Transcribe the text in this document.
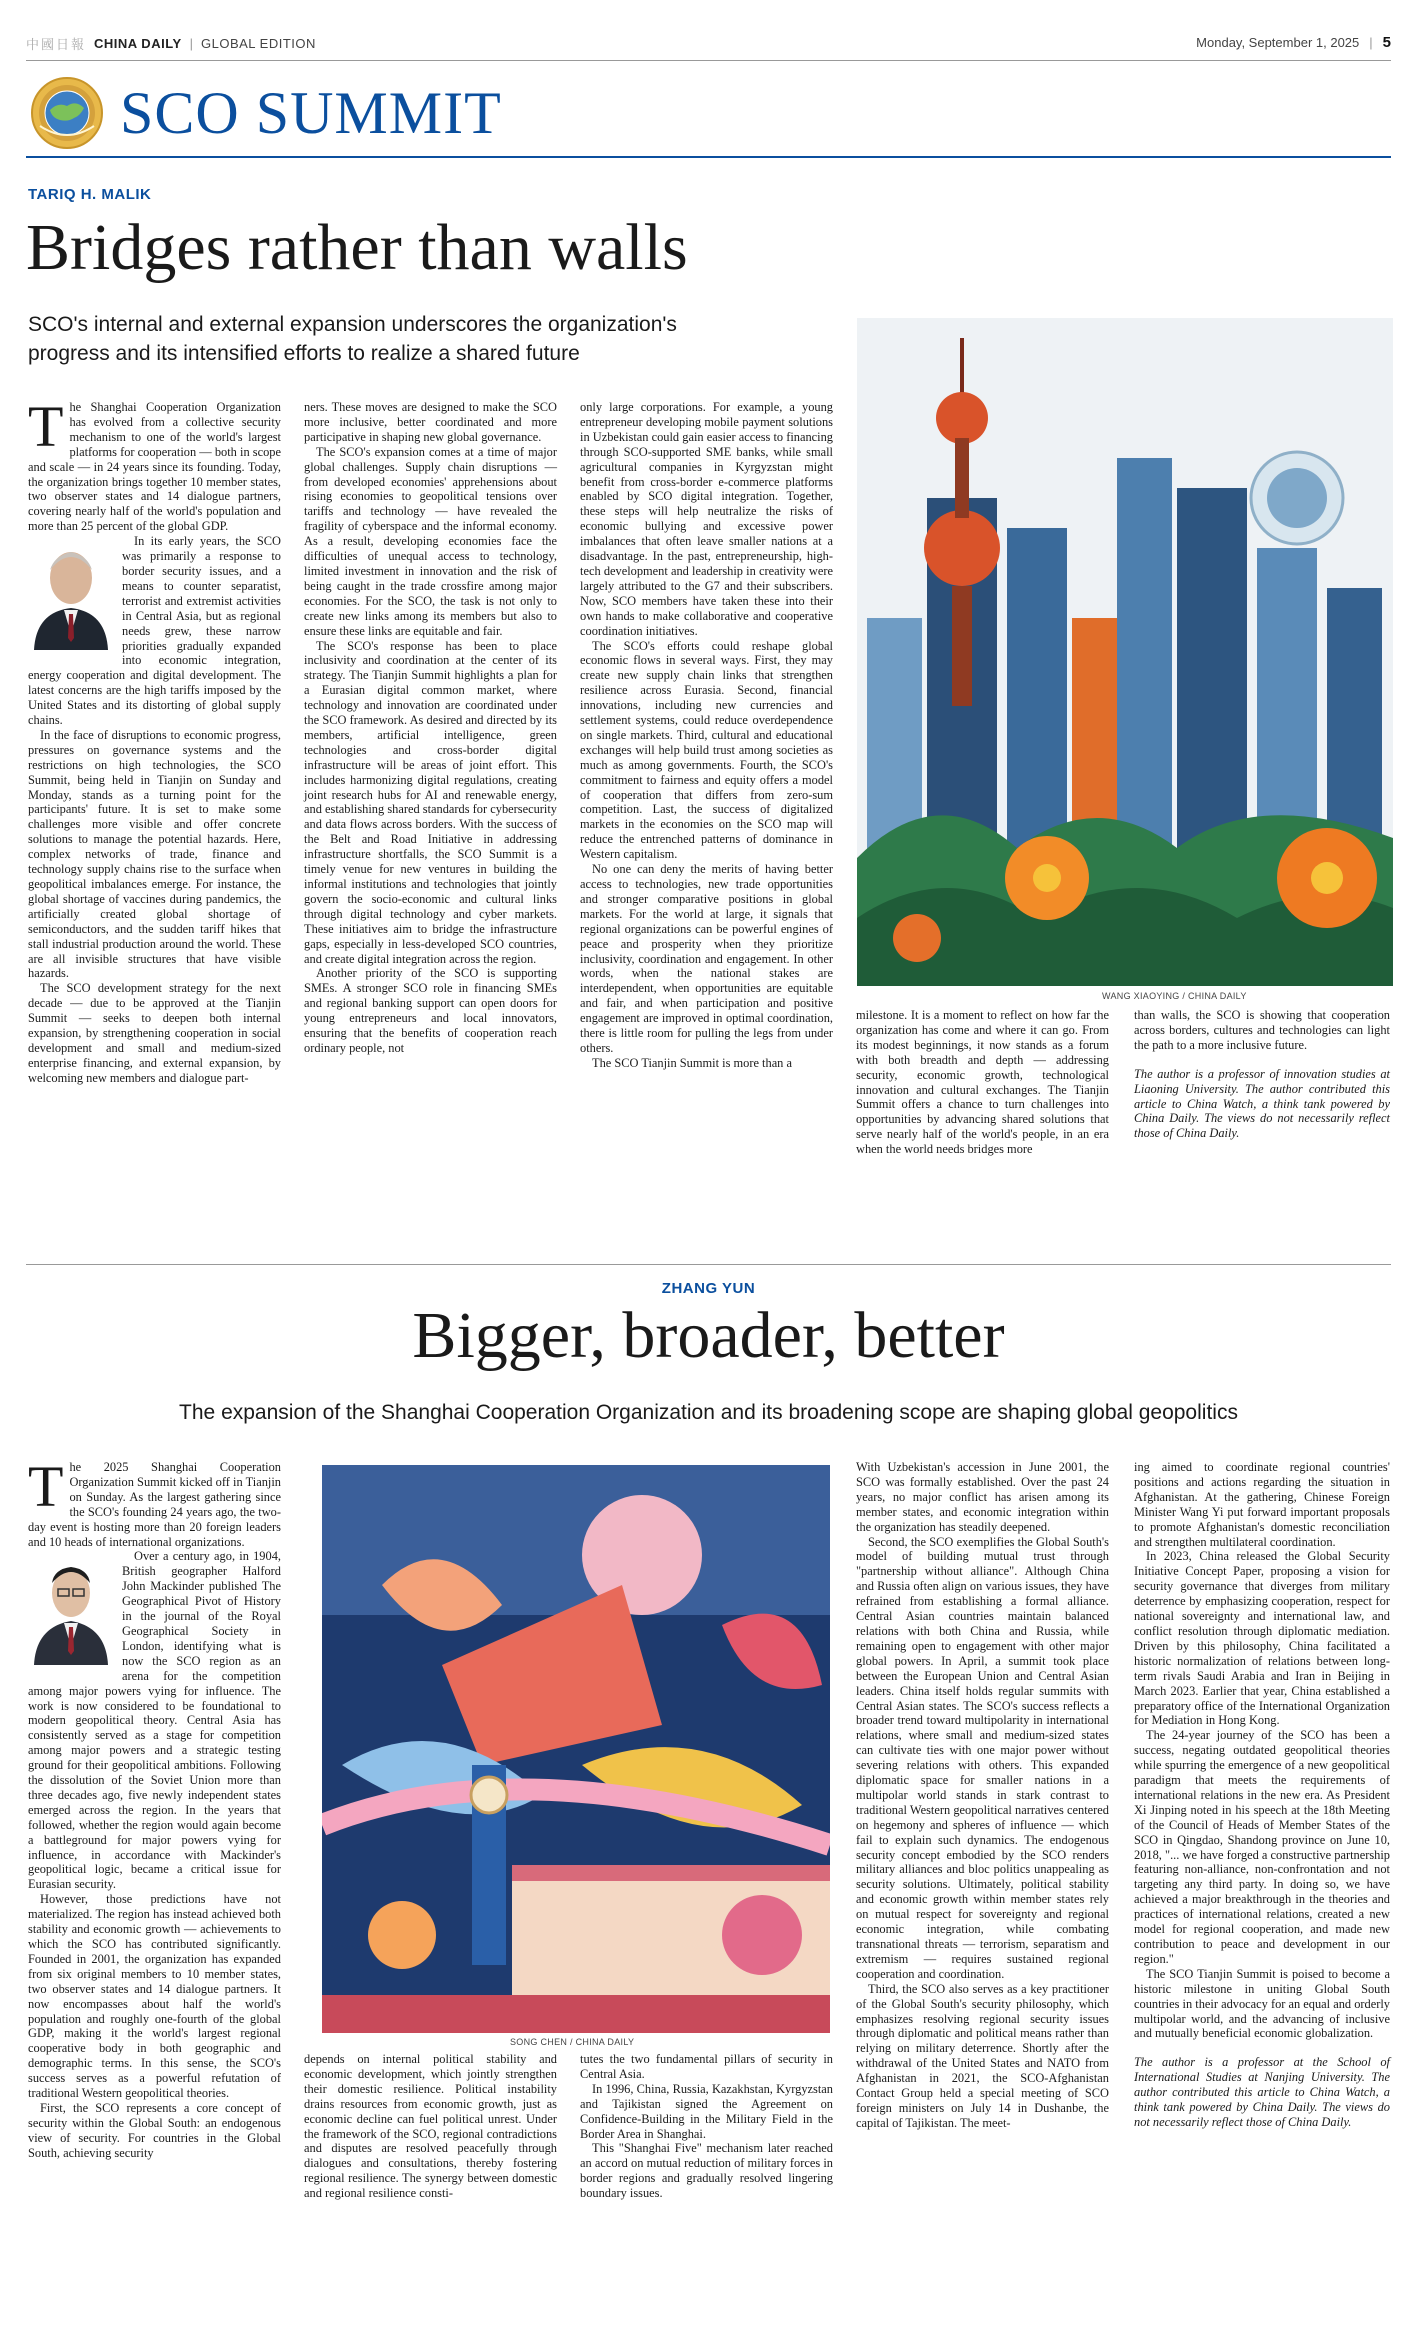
中國日報 CHINA DAILY | GLOBAL EDITION	Monday, September 1, 2025 | 5
SCO SUMMIT
TARIQ H. MALIK
Bridges rather than walls
SCO's internal and external expansion underscores the organization's
progress and its intensified efforts to realize a shared future

The Shanghai Cooperation Organization has evolved from a collective security mechanism to one of the world's largest platforms for cooperation — both in scope and scale — in 24 years since its founding. Today, the organization brings together 10 member states, two observer states and 14 dialogue partners, covering nearly half of the world's population and more than 25 percent of the global GDP.

In its early years, the SCO was primarily a response to border security issues, and a means to counter separatist, terrorist and extremist activities in Central Asia, but as regional needs grew, these narrow priorities gradually expanded into economic integration, energy cooperation and digital development. The latest concerns are the high tariffs imposed by the United States and its distorting of global supply chains.

In the face of disruptions to economic progress, pressures on governance systems and the restrictions on high technologies, the SCO Summit, being held in Tianjin on Sunday and Monday, stands as a turning point for the participants' future. It is set to make some challenges more visible and offer concrete solutions to manage the potential hazards. Here, complex networks of trade, finance and technology supply chains rise to the surface when geopolitical imbalances emerge. For instance, the global shortage of vaccines during pandemics, the artificially created global shortage of semiconductors, and the sudden tariff hikes that stall industrial production around the world. These are all invisible structures that have visible hazards.

The SCO development strategy for the next decade — due to be approved at the Tianjin Summit — seeks to deepen both internal expansion, by strengthening cooperation in social development and small and medium-sized enterprise financing, and external expansion, by welcoming new members and dialogue part-

ners. These moves are designed to make the SCO more inclusive, better coordinated and more participative in shaping new global governance.

The SCO's expansion comes at a time of major global challenges. Supply chain disruptions — from developed economies' apprehensions about rising economies to geopolitical tensions over tariffs and technology — have revealed the fragility of cyberspace and the informal economy. As a result, developing economies face the difficulties of unequal access to technology, limited investment in innovation and the risk of being caught in the trade crossfire among major economies. For the SCO, the task is not only to create new links among its members but also to ensure these links are equitable and fair.

The SCO's response has been to place inclusivity and coordination at the center of its strategy. The Tianjin Summit highlights a plan for a Eurasian digital common market, where technology and innovation are coordinated under the SCO framework. As desired and directed by its members, artificial intelligence, green technologies and cross-border digital infrastructure will be areas of joint effort. This includes harmonizing digital regulations, creating joint research hubs for AI and renewable energy, and establishing shared standards for cybersecurity and data flows across borders. With the success of the Belt and Road Initiative in addressing infrastructure shortfalls, the SCO Summit is a timely venue for new ventures in building the informal institutions and technologies that jointly govern the socio-economic and cultural links through digital technology and cyber markets. These initiatives aim to bridge the infrastructure gaps, especially in less-developed SCO countries, and create digital integration across the region.

Another priority of the SCO is supporting SMEs. A stronger SCO role in financing SMEs and regional banking support can open doors for young entrepreneurs and local innovators, ensuring that the benefits of cooperation reach ordinary people, not

only large corporations. For example, a young entrepreneur developing mobile payment solutions in Uzbekistan could gain easier access to financing through SCO-supported SME banks, while small agricultural companies in Kyrgyzstan might benefit from cross-border e-commerce platforms enabled by SCO digital integration. Together, these steps will help neutralize the risks of economic bullying and excessive power imbalances that often leave smaller nations at a disadvantage. In the past, entrepreneurship, high-tech development and leadership in creativity were largely attributed to the G7 and their subscribers. Now, SCO members have taken these into their own hands to make collaborative and cooperative coordination initiatives.

The SCO's efforts could reshape global economic flows in several ways. First, they may create new supply chain links that strengthen resilience across Eurasia. Second, financial innovations, including new currencies and settlement systems, could reduce overdependence on single markets. Third, cultural and educational exchanges will help build trust among societies as much as among governments. Fourth, the SCO's commitment to fairness and equity offers a model of cooperation that differs from zero-sum competition. Last, the success of digitalized markets in the economies on the SCO map will reduce the entrenched patterns of dominance in Western capitalism.

No one can deny the merits of having better access to technologies, new trade opportunities and stronger comparative positions in global markets. For the world at large, it signals that regional organizations can be powerful engines of peace and prosperity when they prioritize inclusivity, coordination and engagement. In other words, when the national stakes are interdependent, when opportunities are equitable and fair, and when participation and positive engagement are improved in optimal coordination, there is little room for pulling the legs from under others.

The SCO Tianjin Summit is more than a

WANG XIAOYING / CHINA DAILY

milestone. It is a moment to reflect on how far the organization has come and where it can go. From its modest beginnings, it now stands as a forum with both breadth and depth — addressing security, economic growth, technological innovation and cultural exchanges. The Tianjin Summit offers a chance to turn challenges into opportunities by advancing shared solutions that serve nearly half of the world's people, in an era when the world needs bridges more

than walls, the SCO is showing that cooperation across borders, cultures and technologies can light the path to a more inclusive future.

The author is a professor of innovation studies at Liaoning University. The author contributed this article to China Watch, a think tank powered by China Daily. The views do not necessarily reflect those of China Daily.

ZHANG YUN
Bigger, broader, better
The expansion of the Shanghai Cooperation Organization and its broadening scope are shaping global geopolitics

The 2025 Shanghai Cooperation Organization Summit kicked off in Tianjin on Sunday. As the largest gathering since the SCO's founding 24 years ago, the two-day event is hosting more than 20 foreign leaders and 10 heads of international organizations.

Over a century ago, in 1904, British geographer Halford John Mackinder published The Geographical Pivot of History in the journal of the Royal Geographical Society in London, identifying what is now the SCO region as an arena for the competition among major powers vying for influence. The work is now considered to be foundational to modern geopolitical theory. Central Asia has consistently served as a stage for competition among major powers and a strategic testing ground for their geopolitical ambitions. Following the dissolution of the Soviet Union more than three decades ago, five newly independent states emerged across the region. In the years that followed, whether the region would again become a battleground for major powers vying for influence, in accordance with Mackinder's geopolitical logic, became a critical issue for Eurasian security.

However, those predictions have not materialized. The region has instead achieved both stability and economic growth — achievements to which the SCO has contributed significantly. Founded in 2001, the organization has expanded from six original members to 10 member states, two observer states and 14 dialogue partners. It now encompasses about half the world's population and roughly one-fourth of the global GDP, making it the world's largest regional cooperative body in both geographic and demographic terms. In this sense, the SCO's success serves as a powerful refutation of traditional Western geopolitical theories.

First, the SCO represents a core concept of security within the Global South: an endogenous view of security. For countries in the Global South, achieving security

SONG CHEN / CHINA DAILY

depends on internal political stability and economic development, which jointly strengthen their domestic resilience. Political instability drains resources from economic growth, just as economic decline can fuel political unrest. Under the framework of the SCO, regional contradictions and disputes are resolved peacefully through dialogues and consultations, thereby fostering regional resilience. The synergy between domestic and regional resilience consti-

tutes the two fundamental pillars of security in Central Asia.

In 1996, China, Russia, Kazakhstan, Kyrgyzstan and Tajikistan signed the Agreement on Confidence-Building in the Military Field in the Border Area in Shanghai.

This "Shanghai Five" mechanism later reached an accord on mutual reduction of military forces in border regions and gradually resolved lingering boundary issues.

With Uzbekistan's accession in June 2001, the SCO was formally established. Over the past 24 years, no major conflict has arisen among its member states, and economic integration within the organization has steadily deepened.

Second, the SCO exemplifies the Global South's model of building mutual trust through "partnership without alliance". Although China and Russia often align on various issues, they have refrained from establishing a formal alliance. Central Asian countries maintain balanced relations with both China and Russia, while remaining open to engagement with other major global powers. In April, a summit took place between the European Union and Central Asian leaders. China itself holds regular summits with Central Asian states. The SCO's success reflects a broader trend toward multipolarity in international relations, where small and medium-sized states can cultivate ties with one major power without severing relations with others. This expanded diplomatic space for smaller nations in a multipolar world stands in stark contrast to traditional Western geopolitical narratives centered on hegemony and spheres of influence — which fail to explain such dynamics. The endogenous security concept embodied by the SCO renders military alliances and bloc politics unappealing as security solutions. Ultimately, political stability and economic growth within member states rely on mutual respect for sovereignty and regional economic integration, while combating transnational threats — terrorism, separatism and extremism — requires sustained regional cooperation and coordination.

Third, the SCO also serves as a key practitioner of the Global South's security philosophy, which emphasizes resolving regional security issues through diplomatic and political means rather than relying on military deterrence. Shortly after the withdrawal of the United States and NATO from Afghanistan in 2021, the SCO-Afghanistan Contact Group held a special meeting of SCO foreign ministers on July 14 in Dushanbe, the capital of Tajikistan. The meet-

ing aimed to coordinate regional countries' positions and actions regarding the situation in Afghanistan. At the gathering, Chinese Foreign Minister Wang Yi put forward important proposals to promote Afghanistan's domestic reconciliation and strengthen multilateral coordination.

In 2023, China released the Global Security Initiative Concept Paper, proposing a vision for security governance that diverges from military deterrence by emphasizing cooperation, respect for national sovereignty and international law, and conflict resolution through diplomatic mediation. Driven by this philosophy, China facilitated a historic normalization of relations between long-term rivals Saudi Arabia and Iran in Beijing in March 2023. Earlier that year, China established a preparatory office of the International Organization for Mediation in Hong Kong.

The 24-year journey of the SCO has been a success, negating outdated geopolitical theories while spurring the emergence of a new geopolitical paradigm that meets the requirements of international relations in the new era. As President Xi Jinping noted in his speech at the 18th Meeting of the Council of Heads of Member States of the SCO in Qingdao, Shandong province on June 10, 2018, "... we have forged a constructive partnership featuring non-alliance, non-confrontation and not targeting any third party. In doing so, we have achieved a major breakthrough in the theories and practices of international relations, created a new model for regional cooperation, and made new contribution to peace and development in our region."

The SCO Tianjin Summit is poised to become a historic milestone in uniting Global South countries in their advocacy for an equal and orderly multipolar world, and the advancing of inclusive and mutually beneficial economic globalization.

The author is a professor at the School of International Studies at Nanjing University. The author contributed this article to China Watch, a think tank powered by China Daily. The views do not necessarily reflect those of China Daily.
